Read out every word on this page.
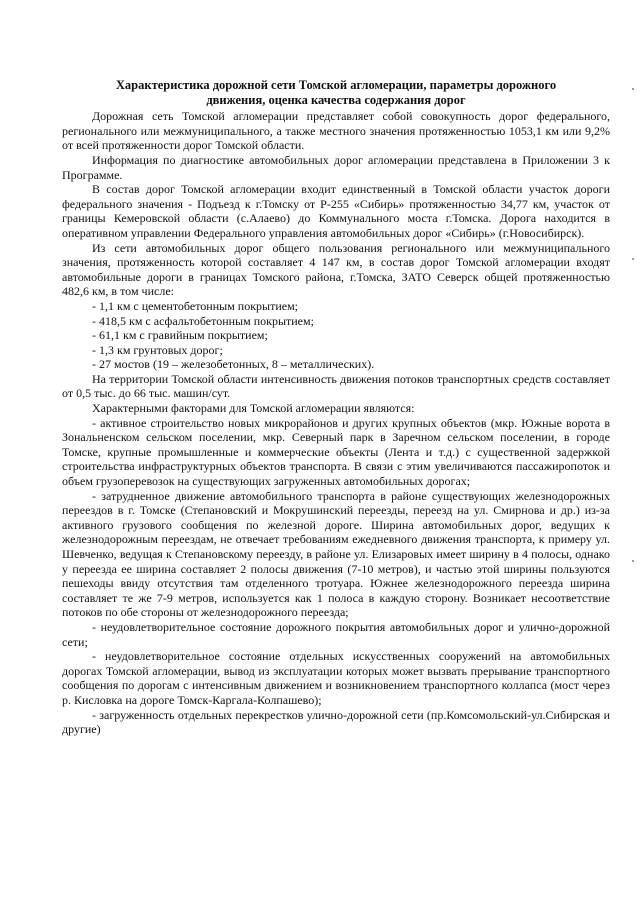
Характеристика дорожной сети Томской агломерации, параметры дорожного
движения, оценка качества содержания дорог

Дорожная сеть Томской агломерации представляет собой совокупность дорог федерального, регионального или межмуниципального, а также местного значения протяженностью 1053,1 км или 9,2% от всей протяженности дорог Томской области.

Информация по диагностике автомобильных дорог агломерации представлена в Приложении 3 к Программе.

В состав дорог Томской агломерации входит единственный в Томской области участок дороги федерального значения - Подъезд к г.Томску от Р-255 «Сибирь» протяженностью 34,77 км, участок от границы Кемеровской области (с.Алаево) до Коммунального моста г.Томска. Дорога находится в оперативном управлении Федерального управления автомобильных дорог «Сибирь» (г.Новосибирск).

Из сети автомобильных дорог общего пользования регионального или межмуниципального значения, протяженность которой составляет 4 147 км, в состав дорог Томской агломерации входят автомобильные дороги в границах Томского района, г.Томска, ЗАТО Северск общей протяженностью 482,6 км, в том числе:

- 1,1 км с цементобетонным покрытием;

- 418,5 км с асфальтобетонным покрытием;

- 61,1 км с гравийным покрытием;

- 1,3 км грунтовых дорог;

- 27 мостов (19 – железобетонных, 8 – металлических).

На территории Томской области интенсивность движения потоков транспортных средств составляет от 0,5 тыс. до 66 тыс. машин/сут.

Характерными факторами для Томской агломерации являются:

- активное строительство новых микрорайонов и других крупных объектов (мкр. Южные ворота в Зональненском сельском поселении, мкр. Северный парк в Заречном сельском поселении, в городе Томске, крупные промышленные и коммерческие объекты (Лента и т.д.) с существенной задержкой строительства инфраструктурных объектов транспорта. В связи с этим увеличиваются пассажиропоток и объем грузоперевозок на существующих загруженных автомобильных дорогах;

- затрудненное движение автомобильного транспорта в районе существующих железнодорожных переездов в г. Томске (Степановский и Мокрушинский переезды, переезд на ул. Смирнова и др.) из-за активного грузового сообщения по железной дороге. Ширина автомобильных дорог, ведущих к железнодорожным переездам, не отвечает требованиям ежедневного движения транспорта, к примеру ул. Шевченко, ведущая к Степановскому переезду, в районе ул. Елизаровых имеет ширину в 4 полосы, однако у переезда ее ширина составляет 2 полосы движения (7-10 метров), и частью этой ширины пользуются пешеходы ввиду отсутствия там отделенного тротуара. Южнее железнодорожного переезда ширина составляет те же 7-9 метров, используется как 1 полоса в каждую сторону. Возникает несоответствие потоков по обе стороны от железнодорожного переезда;

- неудовлетворительное состояние дорожного покрытия автомобильных дорог и улично-дорожной сети;

- неудовлетворительное состояние отдельных искусственных сооружений на автомобильных дорогах Томской агломерации, вывод из эксплуатации которых может вызвать прерывание транспортного сообщения по дорогам с интенсивным движением и возникновением транспортного коллапса (мост через р. Кисловка на дороге Томск-Каргала-Колпашево);

- загруженность отдельных перекрестков улично-дорожной сети (пр.Комсомольский-ул.Сибирская и другие)
